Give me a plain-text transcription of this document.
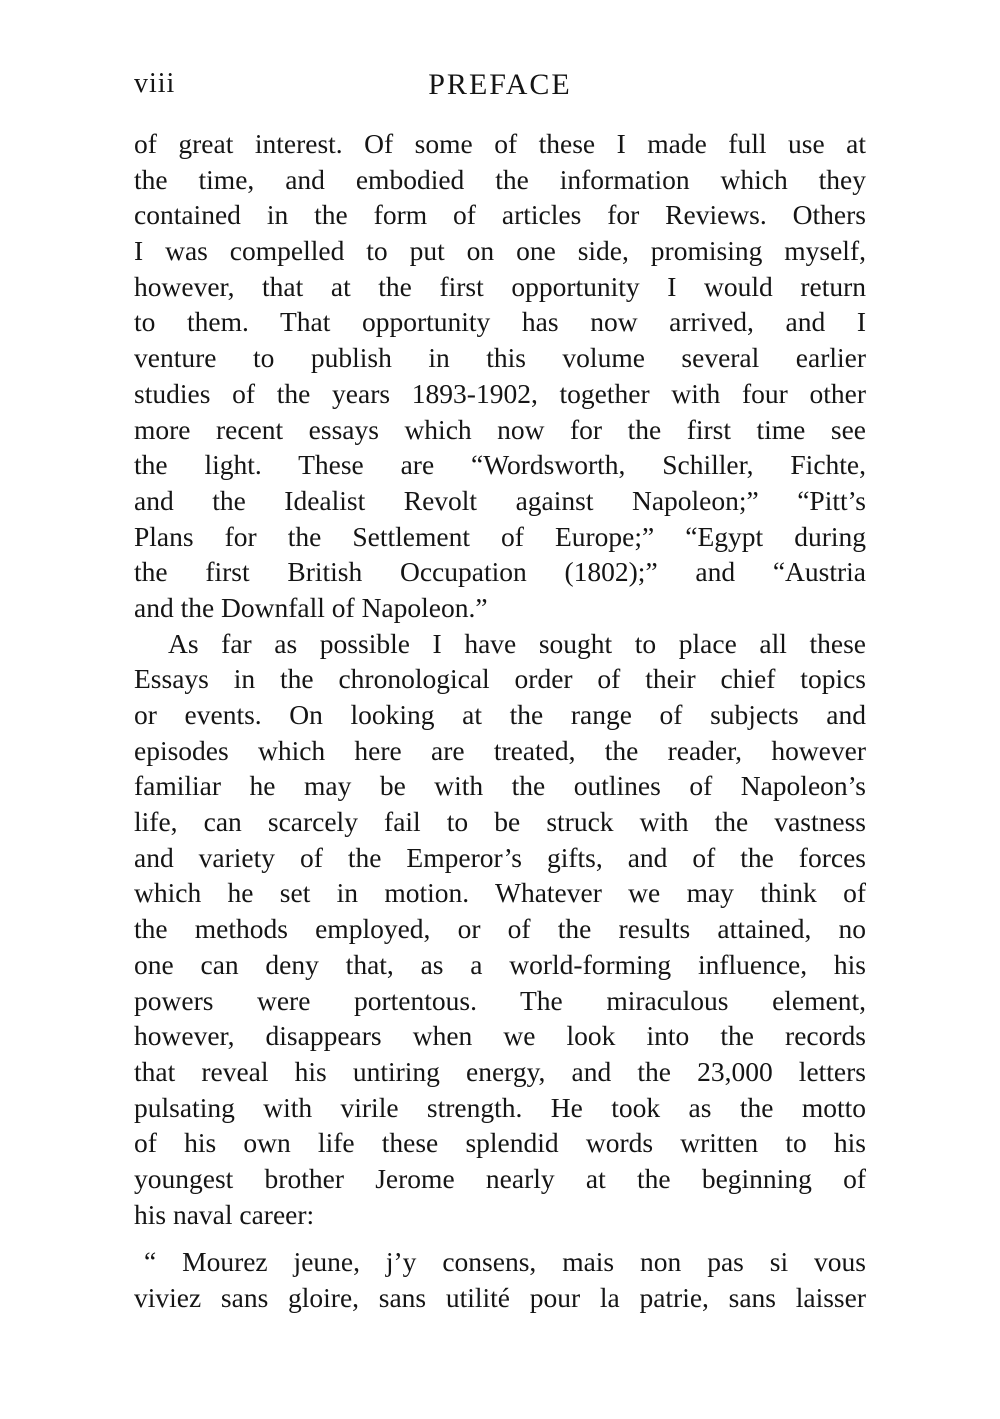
viii	PREFACE
of great interest. Of some of these I made full use at
the time, and embodied the information which they
contained in the form of articles for Reviews. Others
I was compelled to put on one side, promising myself,
however, that at the first opportunity I would return
to them. That opportunity has now arrived, and I
venture to publish in this volume several earlier
studies of the years 1893-1902, together with four other
more recent essays which now for the first time see
the light. These are “Wordsworth, Schiller, Fichte,
and the Idealist Revolt against Napoleon;” “Pitt’s
Plans for the Settlement of Europe;” “Egypt during
the first British Occupation (1802);” and “Austria
and the Downfall of Napoleon.”
As far as possible I have sought to place all these
Essays in the chronological order of their chief topics
or events. On looking at the range of subjects and
episodes which here are treated, the reader, however
familiar he may be with the outlines of Napoleon’s
life, can scarcely fail to be struck with the vastness
and variety of the Emperor’s gifts, and of the forces
which he set in motion. Whatever we may think of
the methods employed, or of the results attained, no
one can deny that, as a world-forming influence, his
powers were portentous. The miraculous element,
however, disappears when we look into the records
that reveal his untiring energy, and the 23,000 letters
pulsating with virile strength. He took as the motto
of his own life these splendid words written to his
youngest brother Jerome nearly at the beginning of
his naval career:
“ Mourez jeune, j’y consens, mais non pas si vous
viviez sans gloire, sans utilité pour la patrie, sans laisser
